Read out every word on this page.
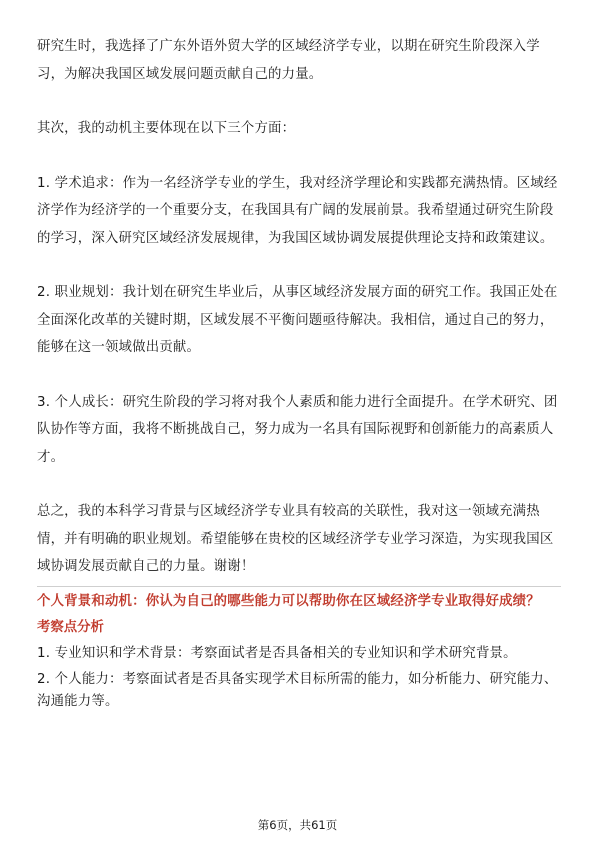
研究生时，我选择了广东外语外贸大学的区域经济学专业，以期在研究生阶段深入学习，为解决我国区域发展问题贡献自己的力量。

其次，我的动机主要体现在以下三个方面：

1. 学术追求：作为一名经济学专业的学生，我对经济学理论和实践都充满热情。区域经济学作为经济学的一个重要分支，在我国具有广阔的发展前景。我希望通过研究生阶段的学习，深入研究区域经济发展规律，为我国区域协调发展提供理论支持和政策建议。

2. 职业规划：我计划在研究生毕业后，从事区域经济发展方面的研究工作。我国正处在全面深化改革的关键时期，区域发展不平衡问题亟待解决。我相信，通过自己的努力，能够在这一领域做出贡献。

3. 个人成长：研究生阶段的学习将对我个人素质和能力进行全面提升。在学术研究、团队协作等方面，我将不断挑战自己，努力成为一名具有国际视野和创新能力的高素质人才。

总之，我的本科学习背景与区域经济学专业具有较高的关联性，我对这一领域充满热情，并有明确的职业规划。希望能够在贵校的区域经济学专业学习深造，为实现我国区域协调发展贡献自己的力量。谢谢！

个人背景和动机：你认为自己的哪些能力可以帮助你在区域经济学专业取得好成绩？

考察点分析
1. 专业知识和学术背景：考察面试者是否具备相关的专业知识和学术研究背景。
2. 个人能力：考察面试者是否具备实现学术目标所需的能力，如分析能力、研究能力、沟通能力等。
第6页，共61页
